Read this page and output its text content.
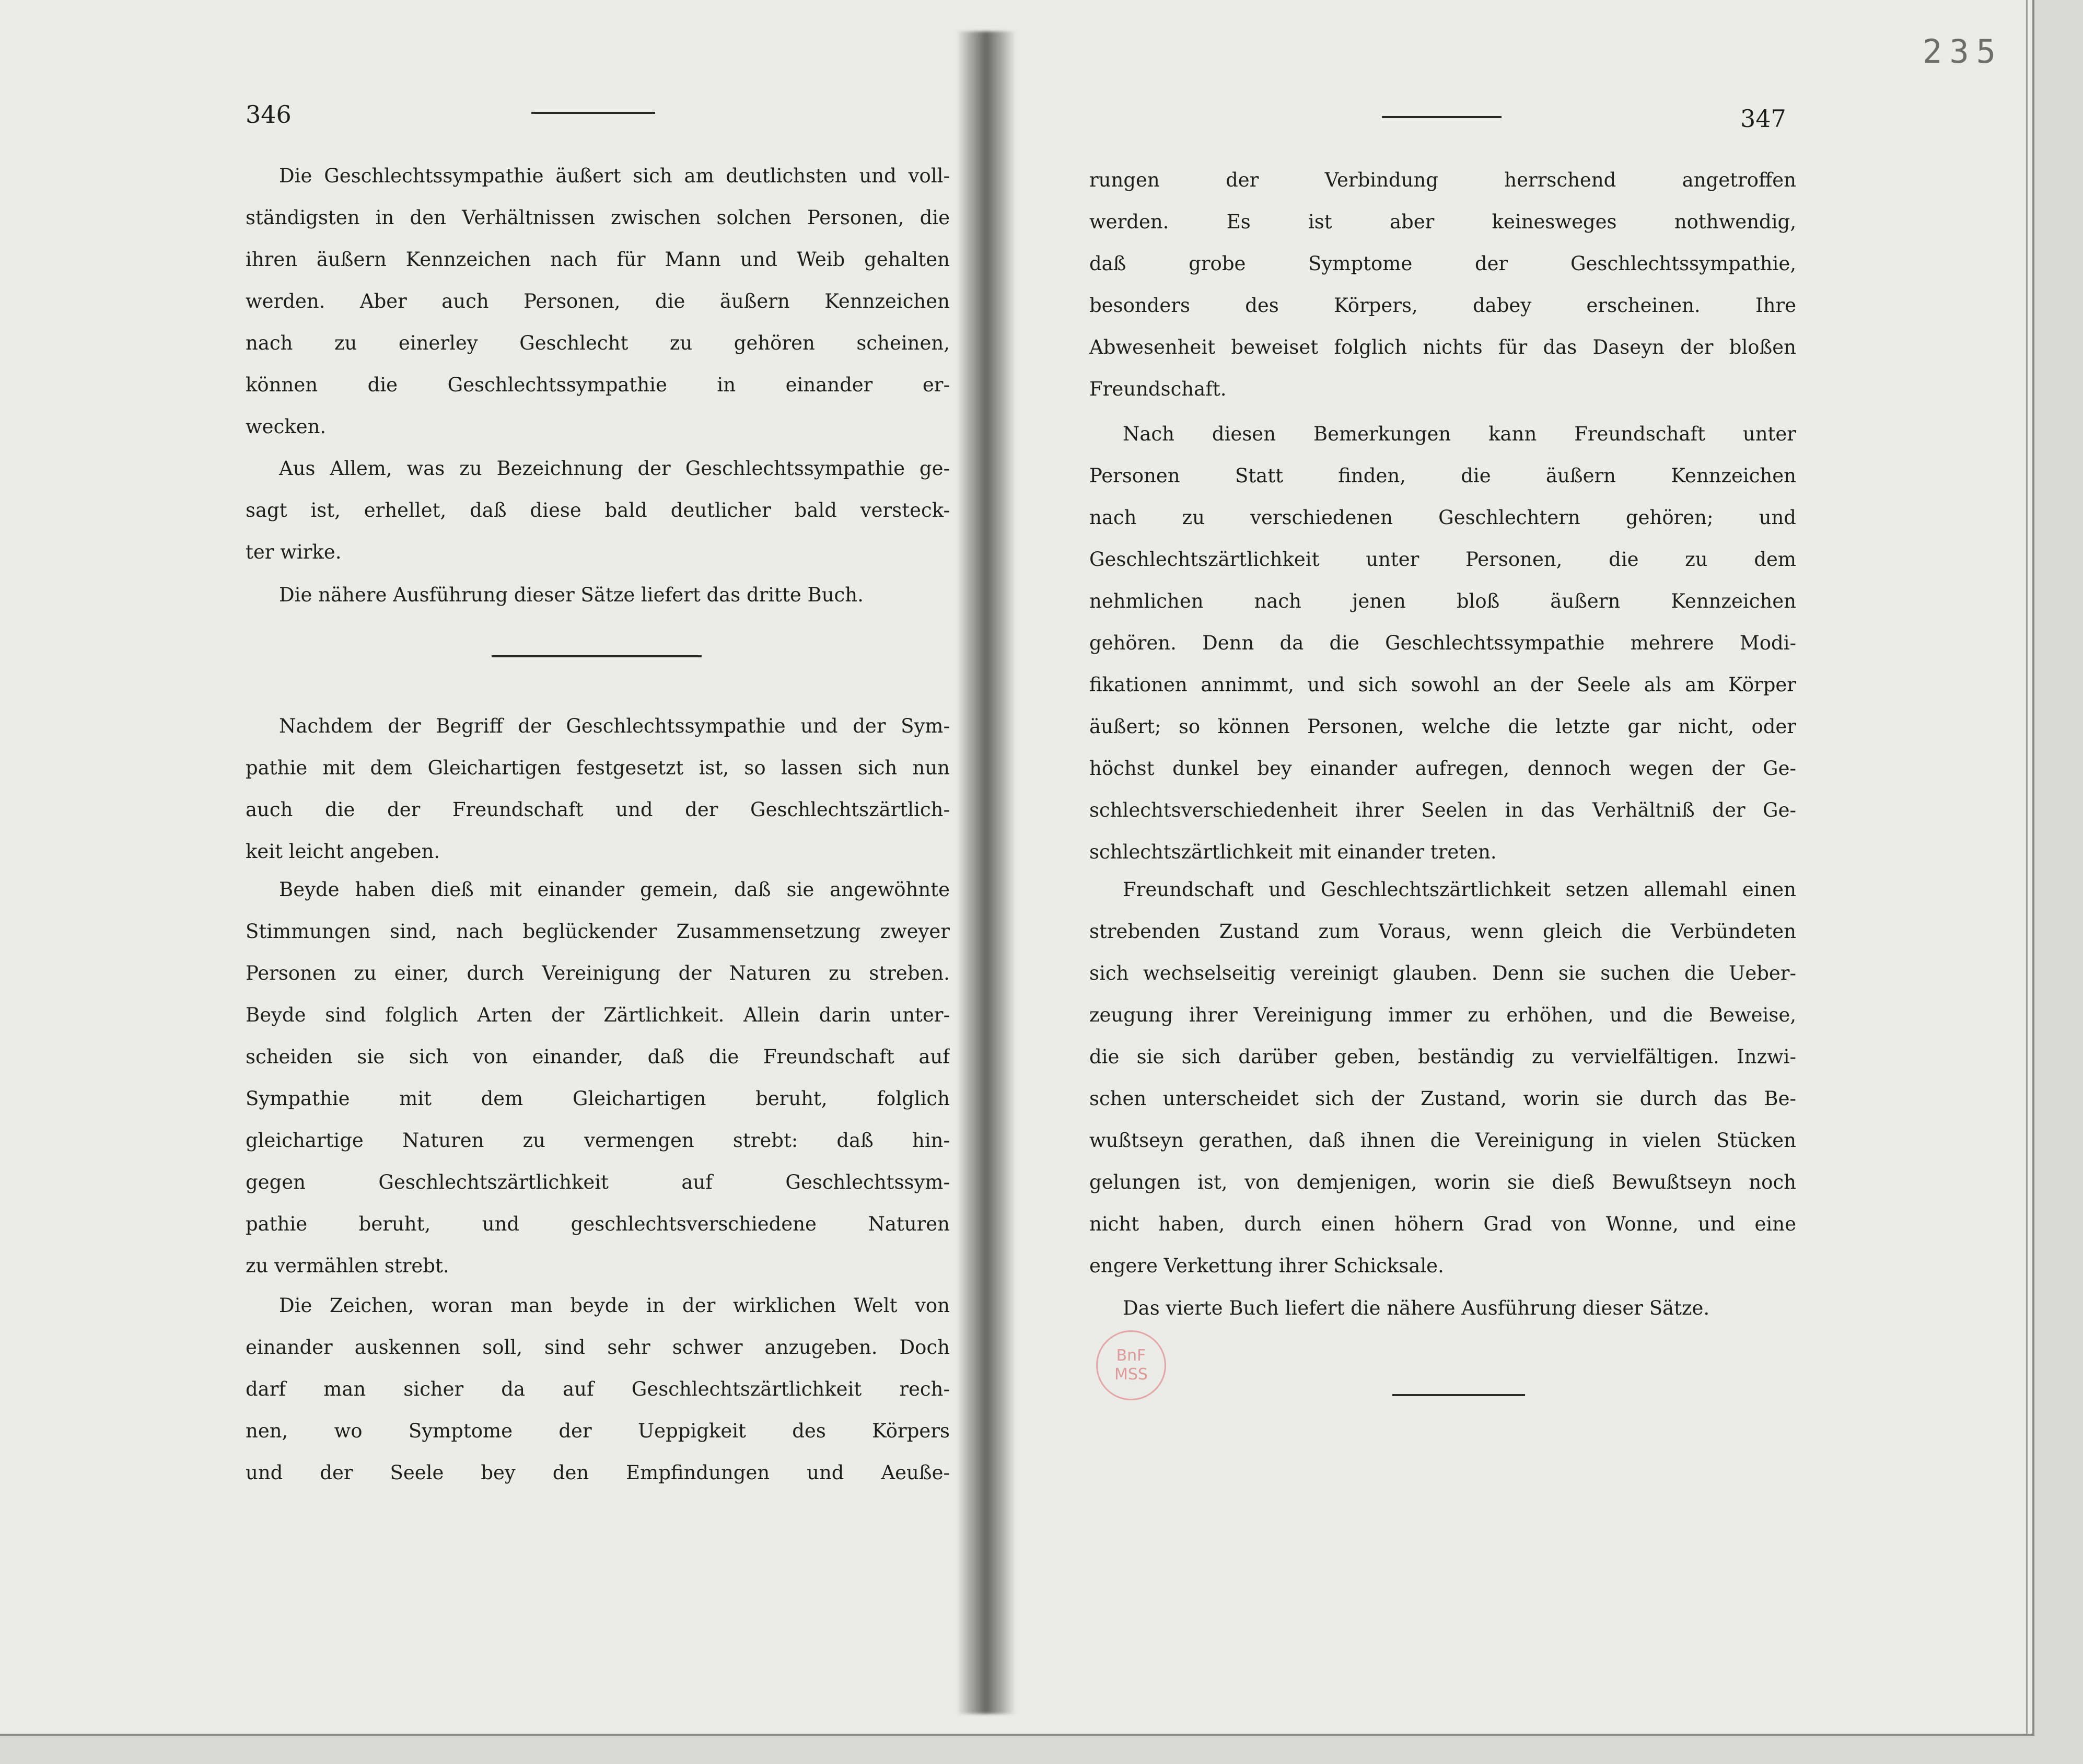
235
346	347
BnF
MSS
Die Geschlechtssympathie äußert sich am deutlichsten und voll-
ständigsten in den Verhältnissen zwischen solchen Personen, die
ihren äußern Kennzeichen nach für Mann und Weib gehalten
werden. Aber auch Personen, die äußern Kennzeichen
nach zu einerley Geschlecht zu gehören scheinen,
können die Geschlechtssympathie in einander er-
wecken.
Aus Allem, was zu Bezeichnung der Geschlechtssympathie ge-
sagt ist, erhellet, daß diese bald deutlicher bald versteck-
ter wirke.
Die nähere Ausführung dieser Sätze liefert das dritte Buch.
Nachdem der Begriff der Geschlechtssympathie und der Sym-
pathie mit dem Gleichartigen festgesetzt ist, so lassen sich nun
auch die der Freundschaft und der Geschlechtszärtlich-
keit leicht angeben.
Beyde haben dieß mit einander gemein, daß sie angewöhnte
Stimmungen sind, nach beglückender Zusammensetzung zweyer
Personen zu einer, durch Vereinigung der Naturen zu streben.
Beyde sind folglich Arten der Zärtlichkeit. Allein darin unter-
scheiden sie sich von einander, daß die Freundschaft auf
Sympathie mit dem Gleichartigen beruht, folglich
gleichartige Naturen zu vermengen strebt: daß hin-
gegen Geschlechtszärtlichkeit auf Geschlechtssym-
pathie beruht, und geschlechtsverschiedene Naturen
zu vermählen strebt.
Die Zeichen, woran man beyde in der wirklichen Welt von
einander auskennen soll, sind sehr schwer anzugeben. Doch
darf man sicher da auf Geschlechtszärtlichkeit rech-
nen, wo Symptome der Ueppigkeit des Körpers
und der Seele bey den Empfindungen und Aeuße-
rungen der Verbindung herrschend angetroffen
werden. Es ist aber keinesweges nothwendig,
daß grobe Symptome der Geschlechtssympathie,
besonders des Körpers, dabey erscheinen. Ihre
Abwesenheit beweiset folglich nichts für das Daseyn der bloßen
Freundschaft.
Nach diesen Bemerkungen kann Freundschaft unter
Personen Statt finden, die äußern Kennzeichen
nach zu verschiedenen Geschlechtern gehören; und
Geschlechtszärtlichkeit unter Personen, die zu dem
nehmlichen nach jenen bloß äußern Kennzeichen
gehören. Denn da die Geschlechtssympathie mehrere Modi-
fikationen annimmt, und sich sowohl an der Seele als am Körper
äußert; so können Personen, welche die letzte gar nicht, oder
höchst dunkel bey einander aufregen, dennoch wegen der Ge-
schlechtsverschiedenheit ihrer Seelen in das Verhältniß der Ge-
schlechtszärtlichkeit mit einander treten.
Freundschaft und Geschlechtszärtlichkeit setzen allemahl einen
strebenden Zustand zum Voraus, wenn gleich die Verbündeten
sich wechselseitig vereinigt glauben. Denn sie suchen die Ueber-
zeugung ihrer Vereinigung immer zu erhöhen, und die Beweise,
die sie sich darüber geben, beständig zu vervielfältigen. Inzwi-
schen unterscheidet sich der Zustand, worin sie durch das Be-
wußtseyn gerathen, daß ihnen die Vereinigung in vielen Stücken
gelungen ist, von demjenigen, worin sie dieß Bewußtseyn noch
nicht haben, durch einen höhern Grad von Wonne, und eine
engere Verkettung ihrer Schicksale.
Das vierte Buch liefert die nähere Ausführung dieser Sätze.
